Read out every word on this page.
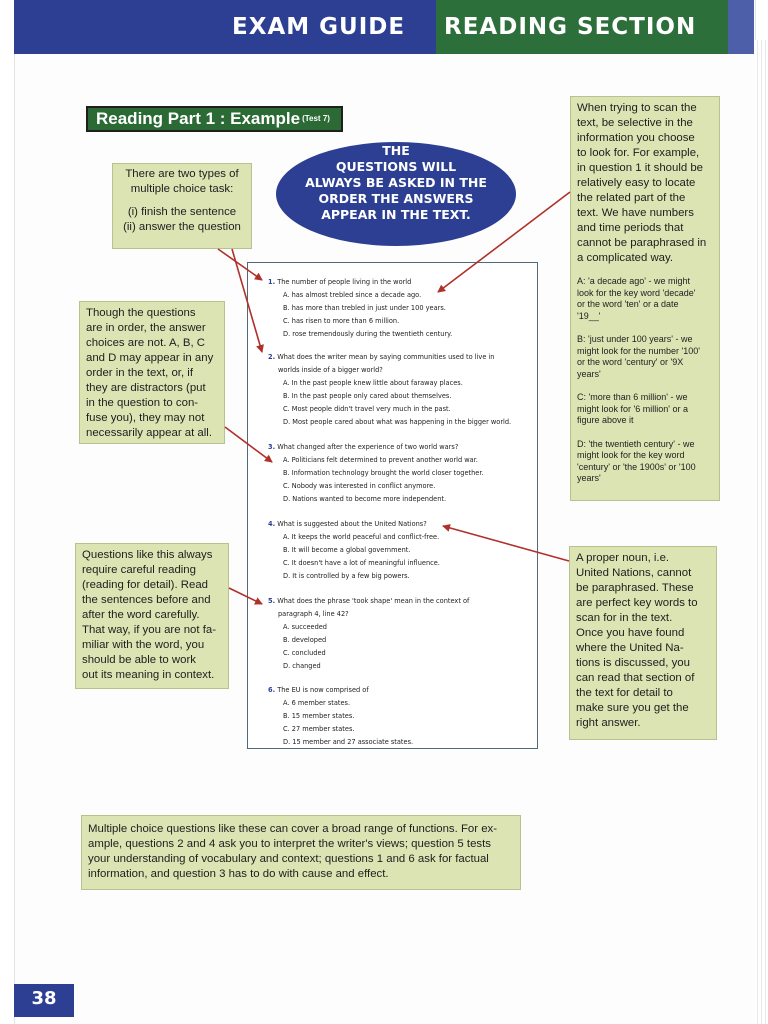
EXAM GUIDE READING SECTION
Reading Part 1 : Example $^{(Test 7)}$
THE
QUESTIONS WILL
ALWAYS BE ASKED IN THE
ORDER THE ANSWERS
APPEAR IN THE TEXT.
There are two types of
multiple choice task:
(i) finish the sentence
(ii) answer the question
Though the questions
are in order, the answer
choices are not. A, B, C
and D may appear in any
order in the text, or, if
they are distractors (put
in the question to con-
fuse you), they may not
necessarily appear at all.
Questions like this always
require careful reading
(reading for detail). Read
the sentences before and
after the word carefully.
That way, if you are not fa-
miliar with the word, you
should be able to work
out its meaning in context.
When trying to scan the
text, be selective in the
information you choose
to look for. For example,
in question 1 it should be
relatively easy to locate
the related part of the
text. We have numbers
and time periods that
cannot be paraphrased in
a complicated way.
A: 'a decade ago' - we might
look for the key word 'decade'
or the word 'ten' or a date
'19__'
B: 'just under 100 years' - we
might look for the number '100'
or the word 'century' or '9X
years'
C: 'more than 6 million' - we
might look for '6 million' or a
figure above it
D: 'the twentieth century' - we
might look for the key word
'century' or 'the 1900s' or '100
years'
A proper noun, i.e.
United Nations, cannot
be paraphrased. These
are perfect key words to
scan for in the text.
Once you have found
where the United Na-
tions is discussed, you
can read that section of
the text for detail to
make sure you get the
right answer.
Multiple choice questions like these can cover a broad range of functions. For ex-
ample, questions 2 and 4 ask you to interpret the writer's views; question 5 tests
your understanding of vocabulary and context; questions 1 and 6 ask for factual
information, and question 3 has to do with cause and effect.
1. The number of people living in the world
A. has almost trebled since a decade ago.
B. has more than trebled in just under 100 years.
C. has risen to more than 6 million.
D. rose tremendously during the twentieth century.
2. What does the writer mean by saying communities used to live in
worlds inside of a bigger world?
A. In the past people knew little about faraway places.
B. In the past people only cared about themselves.
C. Most people didn't travel very much in the past.
D. Most people cared about what was happening in the bigger world.
3. What changed after the experience of two world wars?
A. Politicians felt determined to prevent another world war.
B. Information technology brought the world closer together.
C. Nobody was interested in conflict anymore.
D. Nations wanted to become more independent.
4. What is suggested about the United Nations?
A. It keeps the world peaceful and conflict-free.
B. It will become a global government.
C. It doesn't have a lot of meaningful influence.
D. It is controlled by a few big powers.
5. What does the phrase 'took shape' mean in the context of
paragraph 4, line 42?
A. succeeded
B. developed
C. concluded
D. changed
6. The EU is now comprised of
A. 6 member states.
B. 15 member states.
C. 27 member states.
D. 15 member and 27 associate states.
38
